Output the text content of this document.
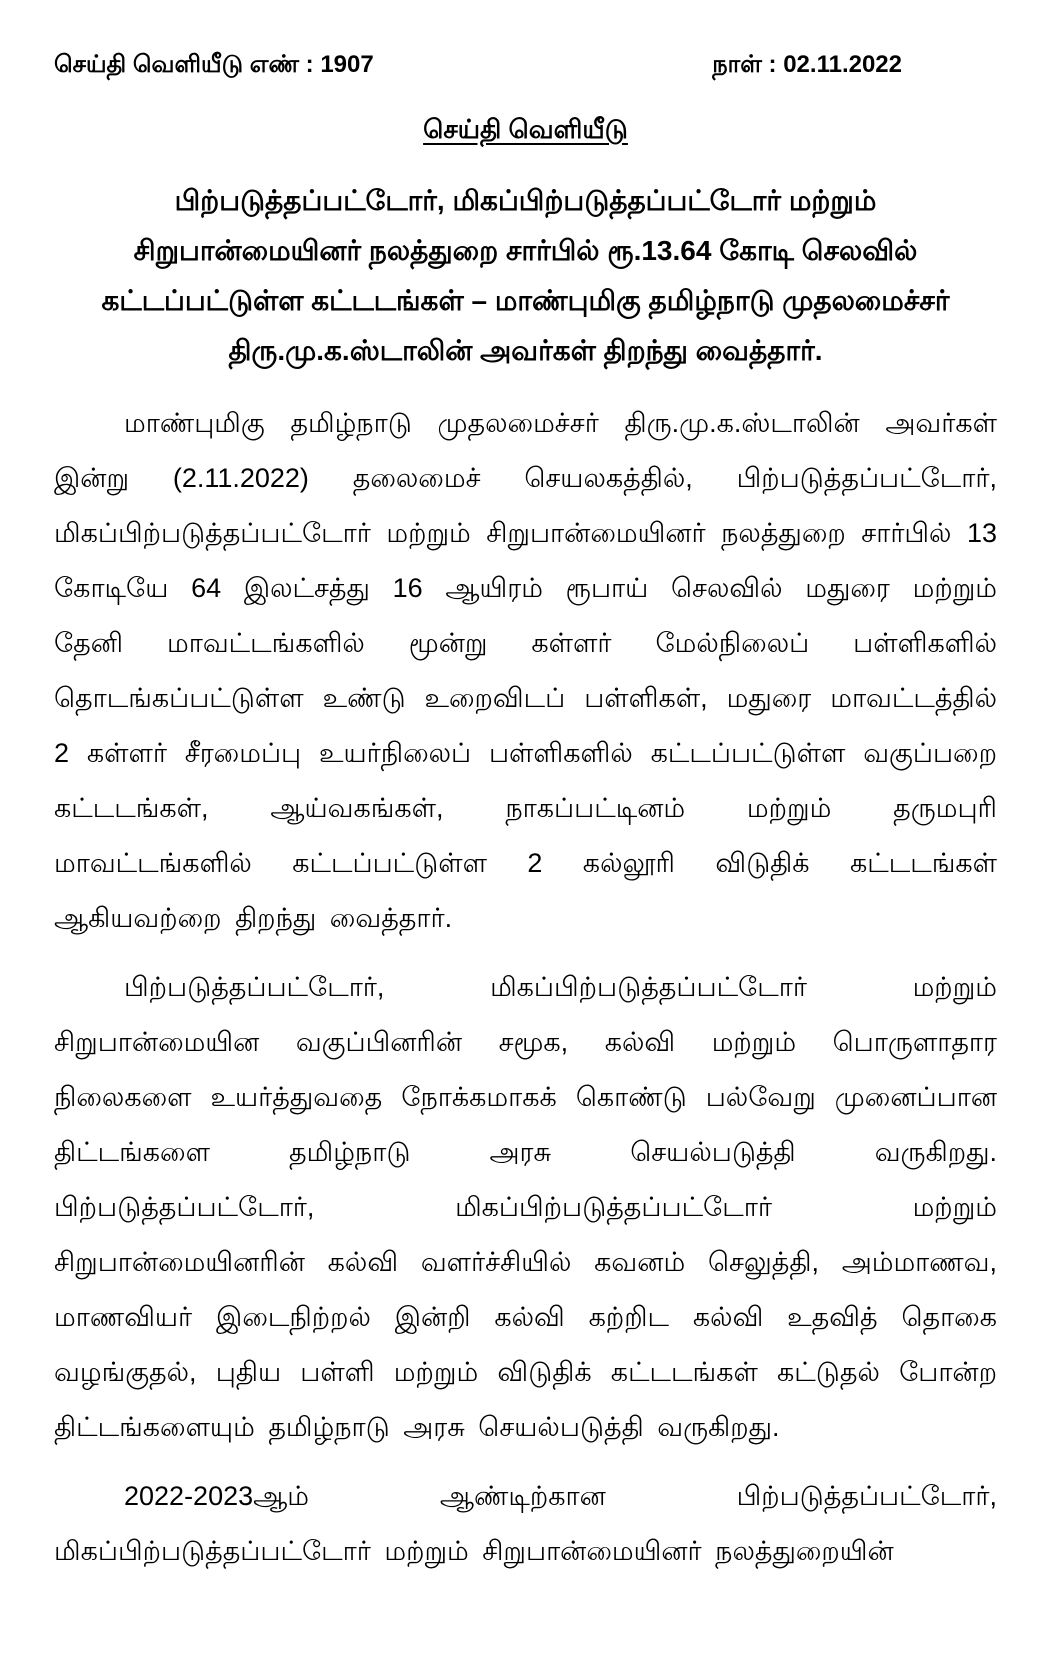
செய்தி வெளியீடு எண் : 1907	நாள் : 02.11.2022
செய்தி வெளியீடு
பிற்படுத்தப்பட்டோர், மிகப்பிற்படுத்தப்பட்டோர் மற்றும் சிறுபான்மையினர் நலத்துறை சார்பில் ரூ.13.64 கோடி செலவில் கட்டப்பட்டுள்ள கட்டடங்கள் – மாண்புமிகு தமிழ்நாடு முதலமைச்சர் திரு.மு.க.ஸ்டாலின் அவர்கள் திறந்து வைத்தார்.

மாண்புமிகு தமிழ்நாடு முதலமைச்சர் திரு.மு.க.ஸ்டாலின் அவர்கள் இன்று (2.11.2022) தலைமைச் செயலகத்தில், பிற்படுத்தப்பட்டோர், மிகப்பிற்படுத்தப்பட்டோர் மற்றும் சிறுபான்மையினர் நலத்துறை சார்பில் 13 கோடியே 64 இலட்சத்து 16 ஆயிரம் ரூபாய் செலவில் மதுரை மற்றும் தேனி மாவட்டங்களில் மூன்று கள்ளர் மேல்நிலைப் பள்ளிகளில் தொடங்கப்பட்டுள்ள உண்டு உறைவிடப் பள்ளிகள், மதுரை மாவட்டத்தில் 2 கள்ளர் சீரமைப்பு உயர்நிலைப் பள்ளிகளில் கட்டப்பட்டுள்ள வகுப்பறை கட்டடங்கள், ஆய்வகங்கள், நாகப்பட்டினம் மற்றும் தருமபுரி மாவட்டங்களில் கட்டப்பட்டுள்ள 2 கல்லூரி விடுதிக் கட்டடங்கள் ஆகியவற்றை திறந்து வைத்தார்.

பிற்படுத்தப்பட்டோர், மிகப்பிற்படுத்தப்பட்டோர் மற்றும் சிறுபான்மையின வகுப்பினரின் சமூக, கல்வி மற்றும் பொருளாதார நிலைகளை உயர்த்துவதை நோக்கமாகக் கொண்டு பல்வேறு முனைப்பான திட்டங்களை தமிழ்நாடு அரசு செயல்படுத்தி வருகிறது. பிற்படுத்தப்பட்டோர், மிகப்பிற்படுத்தப்பட்டோர் மற்றும் சிறுபான்மையினரின் கல்வி வளர்ச்சியில் கவனம் செலுத்தி, அம்மாணவ, மாணவியர் இடைநிற்றல் இன்றி கல்வி கற்றிட கல்வி உதவித் தொகை வழங்குதல், புதிய பள்ளி மற்றும் விடுதிக் கட்டடங்கள் கட்டுதல் போன்ற திட்டங்களையும் தமிழ்நாடு அரசு செயல்படுத்தி வருகிறது.

2022-2023ஆம் ஆண்டிற்கான பிற்படுத்தப்பட்டோர், மிகப்பிற்படுத்தப்பட்டோர் மற்றும் சிறுபான்மையினர் நலத்துறையின்
